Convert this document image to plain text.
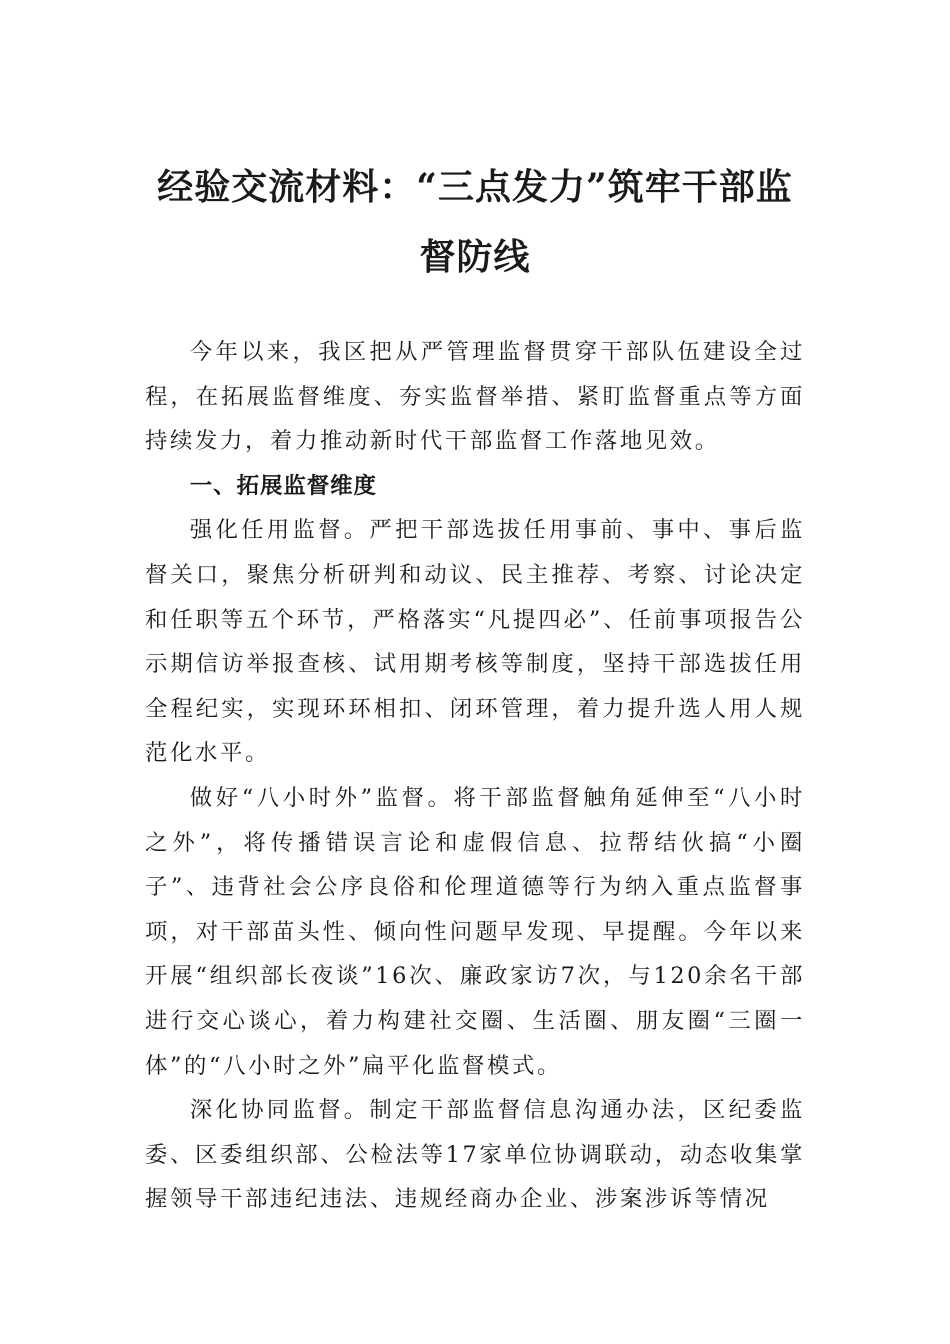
经验交流材料：“三点发力”筑牢干部监
督防线

今年以来，我区把从严管理监督贯穿干部队伍建设全过程，在拓展监督维度、夯实监督举措、紧盯监督重点等方面持续发力，着力推动新时代干部监督工作落地见效。

一、拓展监督维度

强化任用监督。严把干部选拔任用事前、事中、事后监督关口，聚焦分析研判和动议、民主推荐、考察、讨论决定和任职等五个环节，严格落实“凡提四必”、任前事项报告公示期信访举报查核、试用期考核等制度，坚持干部选拔任用全程纪实，实现环环相扣、闭环管理，着力提升选人用人规范化水平。

做好“八小时外”监督。将干部监督触角延伸至“八小时之外”，将传播错误言论和虚假信息、拉帮结伙搞“小圈子”、违背社会公序良俗和伦理道德等行为纳入重点监督事项，对干部苗头性、倾向性问题早发现、早提醒。今年以来开展“组织部长夜谈”16次、廉政家访7次，与120余名干部进行交心谈心，着力构建社交圈、生活圈、朋友圈“三圈一体”的“八小时之外”扁平化监督模式。

深化协同监督。制定干部监督信息沟通办法，区纪委监委、区委组织部、公检法等17家单位协调联动，动态收集掌握领导干部违纪违法、违规经商办企业、涉案涉诉等情况
